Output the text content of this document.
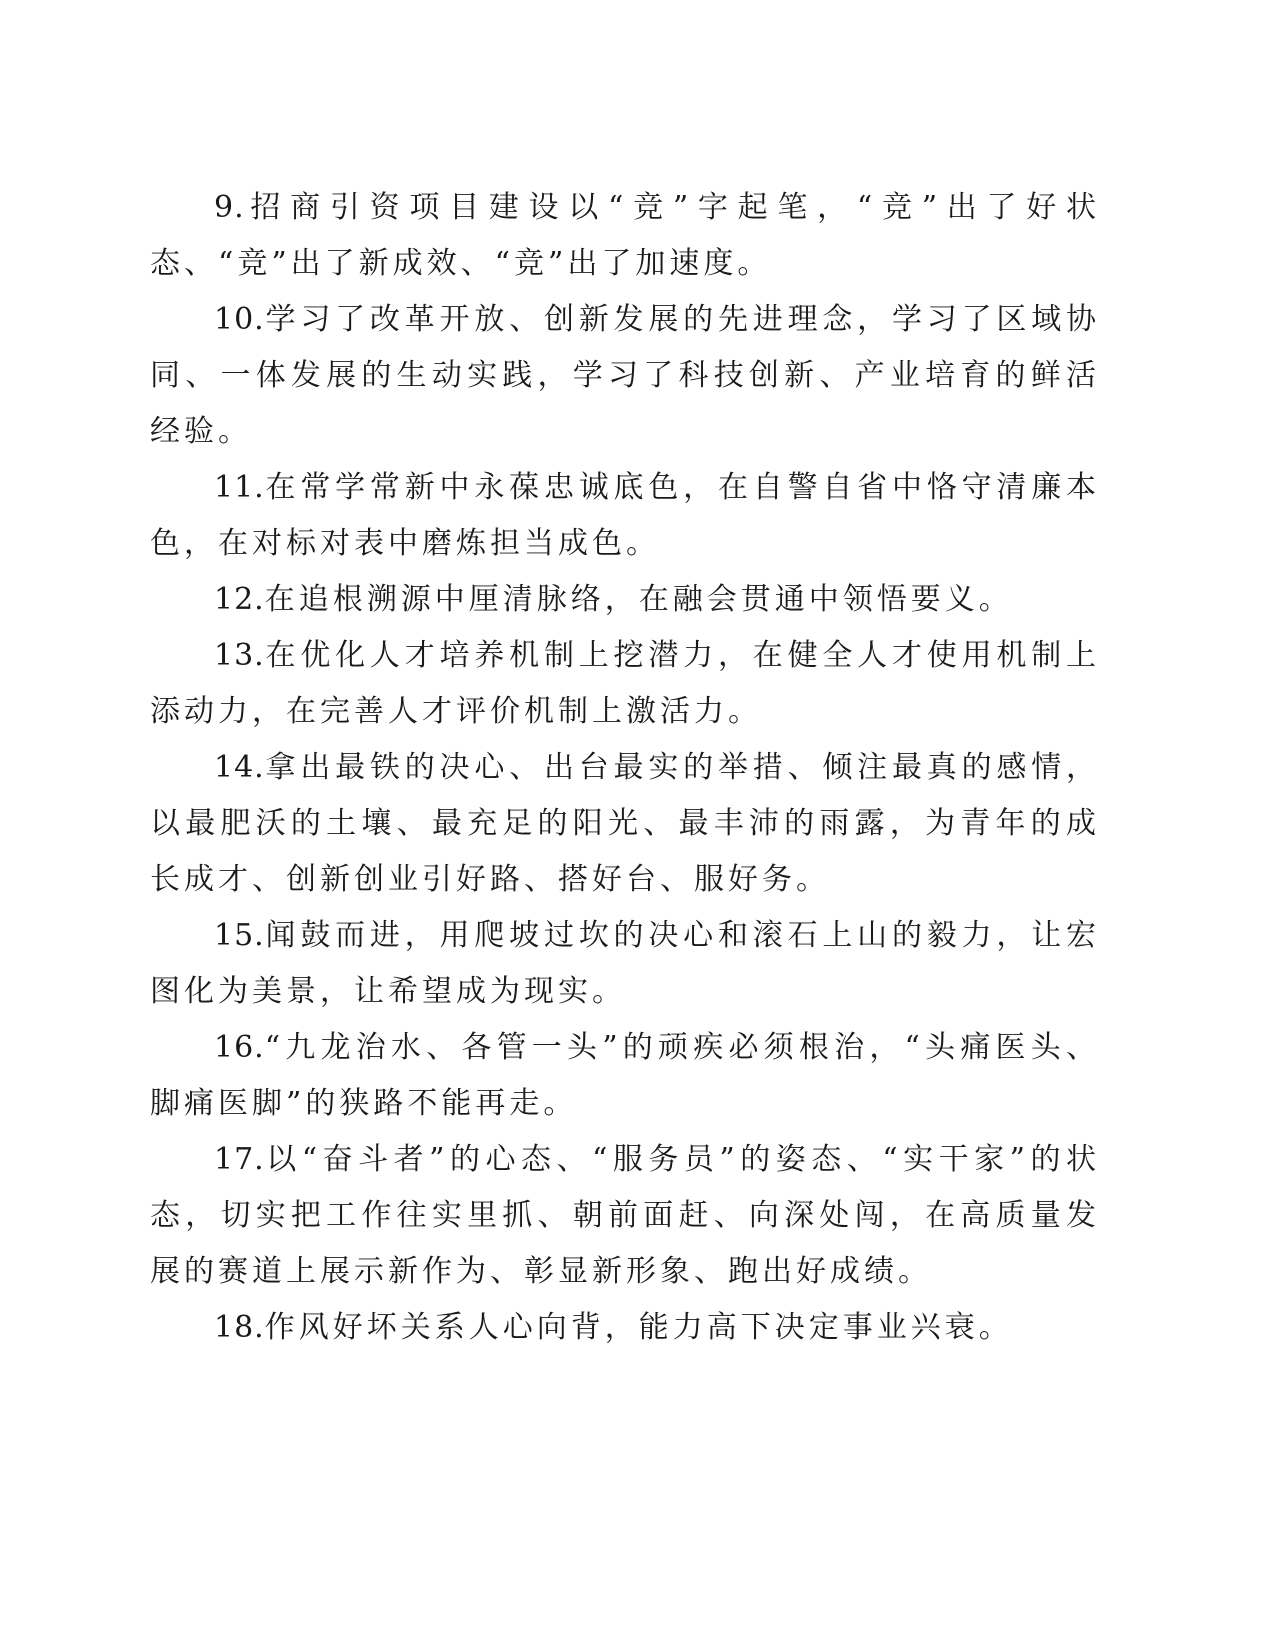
9.招商引资项目建设以“竞”字起笔，“竞”出了好状态、“竞”出了新成效、“竞”出了加速度。

10.学习了改革开放、创新发展的先进理念，学习了区域协同、一体发展的生动实践，学习了科技创新、产业培育的鲜活经验。

11.在常学常新中永葆忠诚底色，在自警自省中恪守清廉本色，在对标对表中磨炼担当成色。

12.在追根溯源中厘清脉络，在融会贯通中领悟要义。

13.在优化人才培养机制上挖潜力，在健全人才使用机制上添动力，在完善人才评价机制上激活力。

14.拿出最铁的决心、出台最实的举措、倾注最真的感情，以最肥沃的土壤、最充足的阳光、最丰沛的雨露，为青年的成长成才、创新创业引好路、搭好台、服好务。

15.闻鼓而进，用爬坡过坎的决心和滚石上山的毅力，让宏图化为美景，让希望成为现实。

16.“九龙治水、各管一头”的顽疾必须根治，“头痛医头、脚痛医脚”的狭路不能再走。

17.以“奋斗者”的心态、“服务员”的姿态、“实干家”的状态，切实把工作往实里抓、朝前面赶、向深处闯，在高质量发展的赛道上展示新作为、彰显新形象、跑出好成绩。

18.作风好坏关系人心向背，能力高下决定事业兴衰。
